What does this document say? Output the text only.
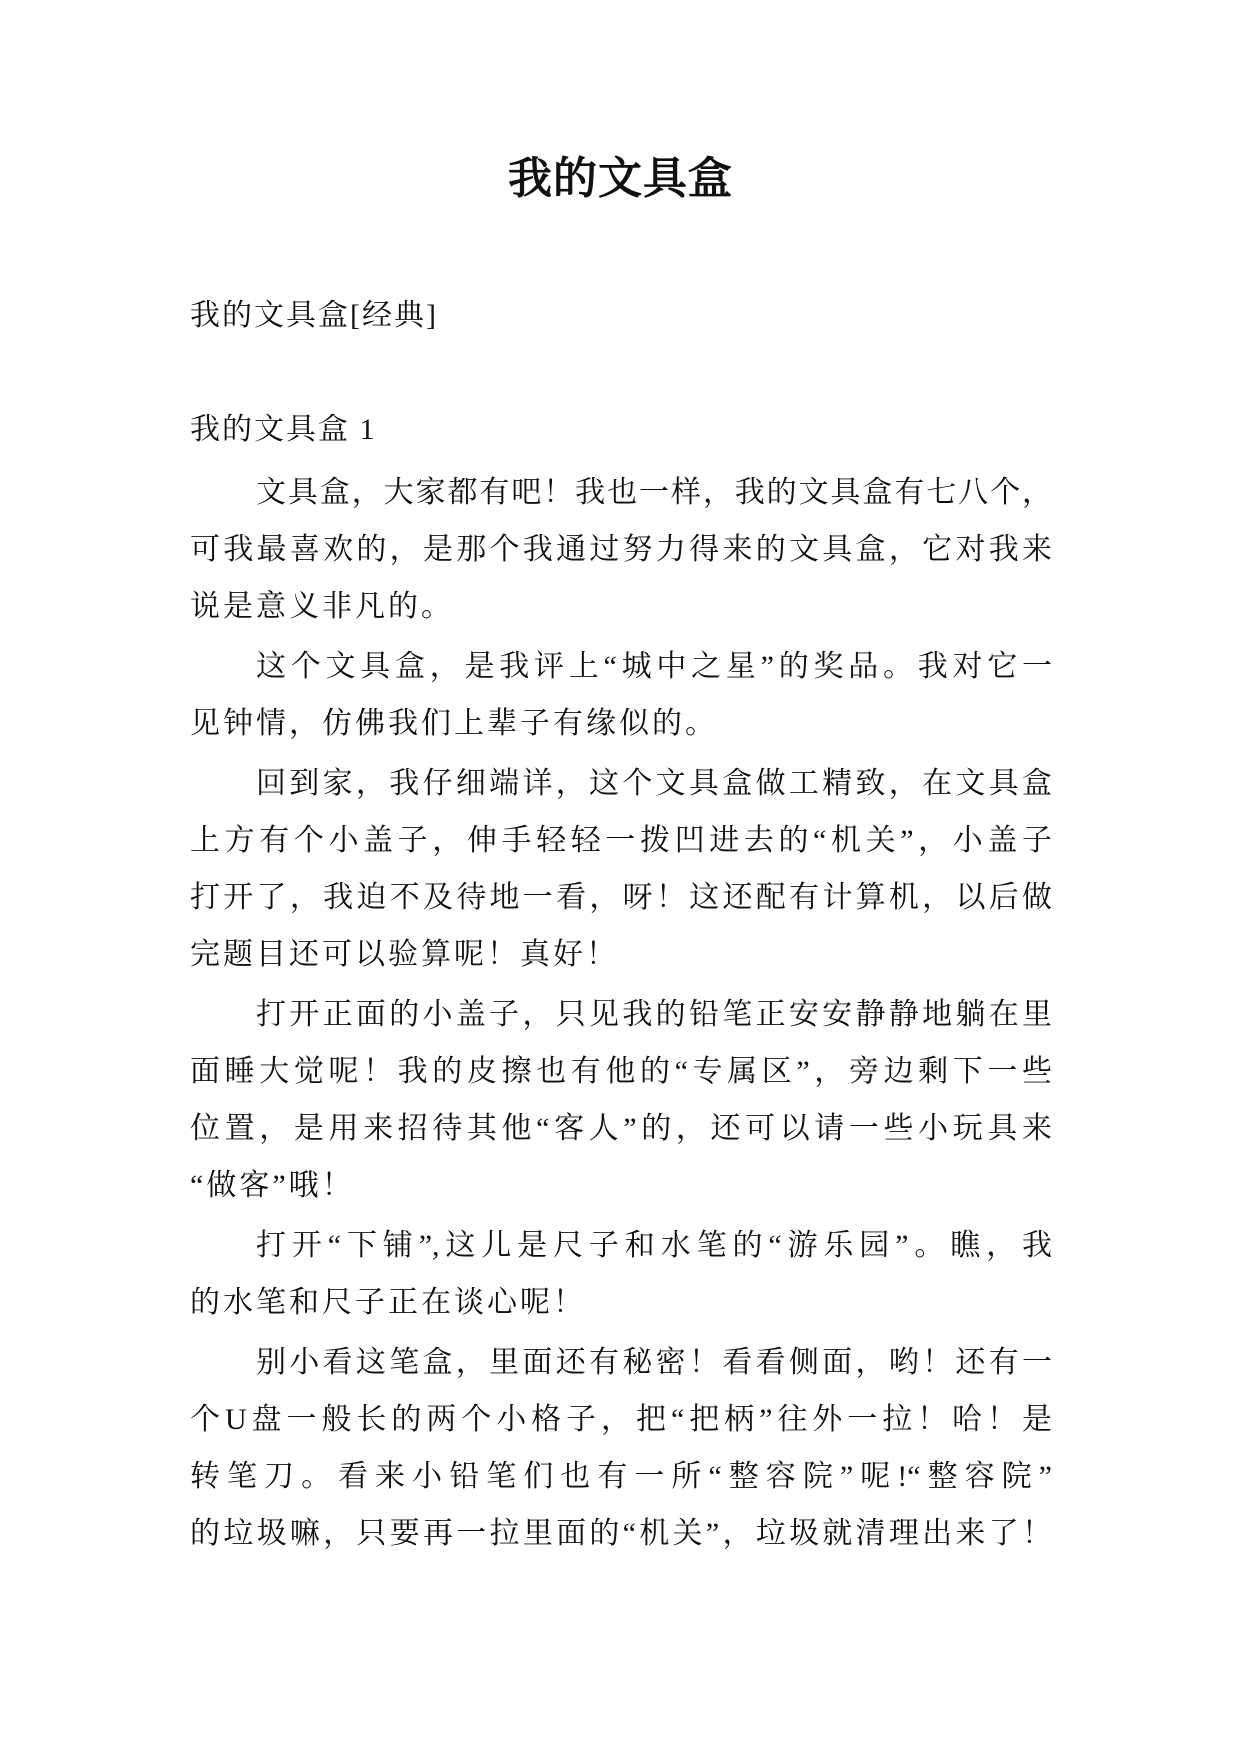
我的文具盒
我的文具盒[经典]
我的文具盒 1
文具盒，大家都有吧！我也一样，我的文具盒有七八个，
可我最喜欢的，是那个我通过努力得来的文具盒，它对我来
说是意义非凡的。
这个文具盒，是我评上“城中之星”的奖品。我对它一
见钟情，仿佛我们上辈子有缘似的。
回到家，我仔细端详，这个文具盒做工精致，在文具盒
上方有个小盖子，伸手轻轻一拨凹进去的“机关”，小盖子
打开了，我迫不及待地一看，呀！这还配有计算机，以后做
完题目还可以验算呢！真好！
打开正面的小盖子，只见我的铅笔正安安静静地躺在里
面睡大觉呢！我的皮擦也有他的“专属区”，旁边剩下一些
位置，是用来招待其他“客人”的，还可以请一些小玩具来
“做客”哦！
打开“下铺”,这儿是尺子和水笔的“游乐园”。瞧，我
的水笔和尺子正在谈心呢！
别小看这笔盒，里面还有秘密！看看侧面，哟！还有一
个U盘一般长的两个小格子，把“把柄”往外一拉！哈！是
转笔刀。看来小铅笔们也有一所“整容院”呢!“整容院”
的垃圾嘛，只要再一拉里面的“机关”，垃圾就清理出来了！
